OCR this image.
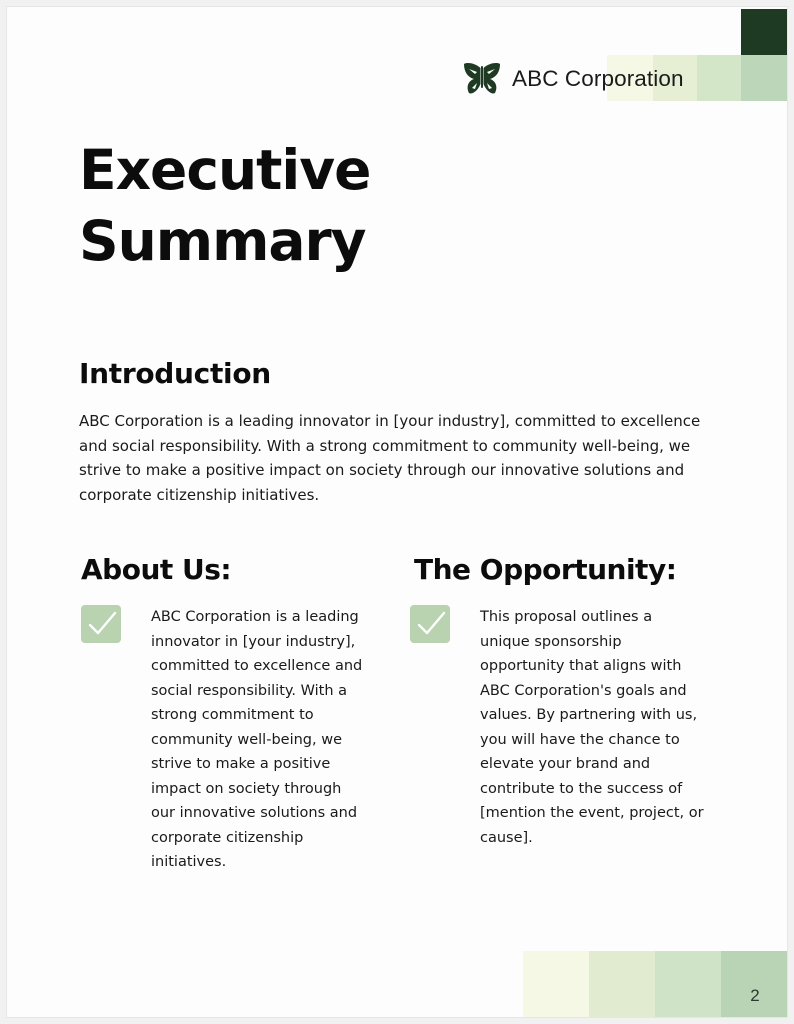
ABC Corporation
Executive
Summary
Introduction

ABC Corporation is a leading innovator in [your industry], committed to excellence and social responsibility. With a strong commitment to community well-being, we strive to make a positive impact on society through our innovative solutions and corporate citizenship initiatives.

About Us:

ABC Corporation is a leading innovator in [your industry], committed to excellence and social responsibility. With a strong commitment to community well-being, we strive to make a positive impact on society through our innovative solutions and corporate citizenship initiatives.

The Opportunity:

This proposal outlines a unique sponsorship opportunity that aligns with ABC Corporation's goals and values. By partnering with us, you will have the chance to elevate your brand and contribute to the success of [mention the event, project, or cause].

2
